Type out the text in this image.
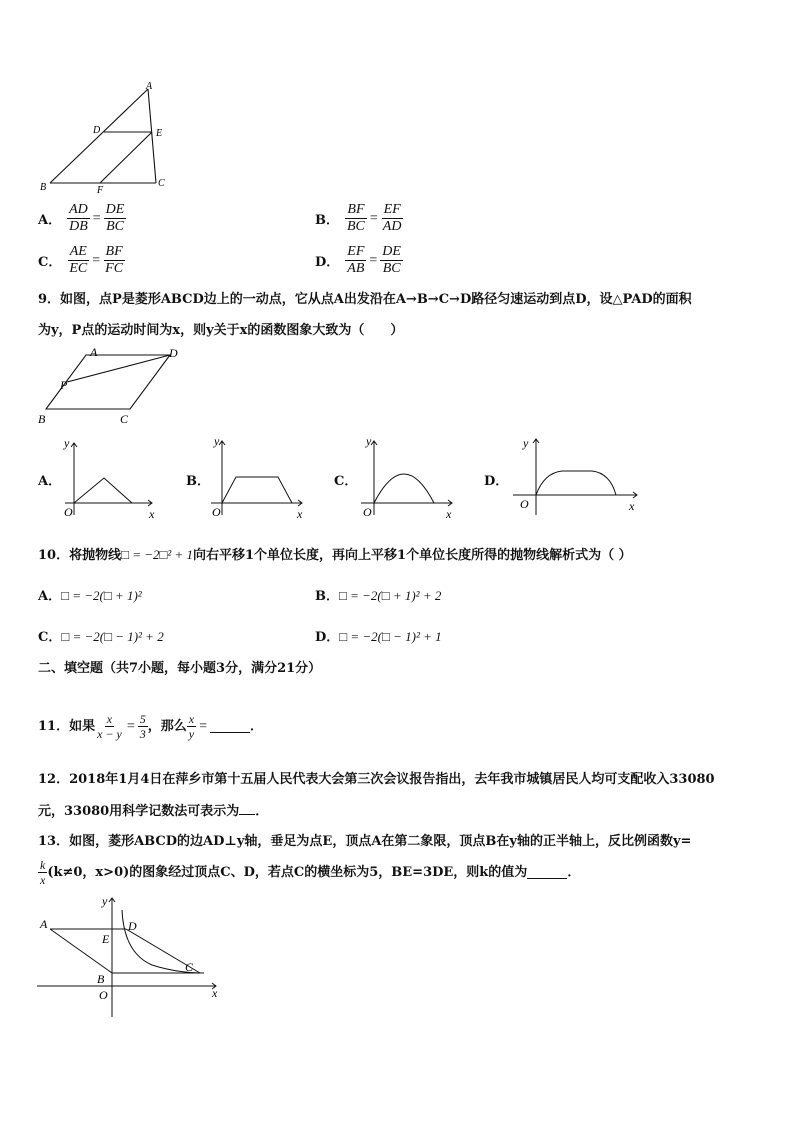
A
D	E
B	F
C
A． $\frac{AD}{DB} = \frac{DE}{BC}$	B． $\frac{BF}{BC} = \frac{EF}{AD}$
C． $\frac{AE}{EC} = \frac{BF}{FC}$	D． $\frac{EF}{AB} = \frac{DE}{BC}$
9．如图，点P是菱形ABCD边上的一动点，它从点A出发沿在A→B→C→D路径匀速运动到点D，设△PAD的面积
为y，P点的运动时间为x，则y关于x的函数图象大致为（　　）
A	D
P
B	C
A．
y
x
O
B．
y
x
O
C．
y
x
O
D．
y
x
O
10．将抛物线□ = −2□² + 1向右平移1个单位长度，再向上平移1个单位长度所得的抛物线解析式为（ ）
A．□ = −2(□ + 1)²	B．□ = −2(□ + 1)² + 2
C．□ = −2(□ − 1)² + 2	D．□ = −2(□ − 1)² + 1
二、填空题（共7小题，每小题3分，满分21分）
11．如果 $\frac{x}{x - y} = \frac{5}{3}$ ，那么 $\frac{x}{y}$ =	．
12．2018年1月4日在萍乡市第十五届人民代表大会第三次会议报告指出，去年我市城镇居民人均可支配收入33080
元，33080用科学记数法可表示为 ．
13．如图，菱形ABCD的边AD⊥y轴，垂足为点E，顶点A在第二象限，顶点B在y轴的正半轴上，反比例函数y=
$\frac{k}{x} (k\ne 0$，x>0)的图象经过顶点C、D，若点C的横坐标为5，BE=3DE，则k的值为	．
y
A	D
E
C
B
O	x
